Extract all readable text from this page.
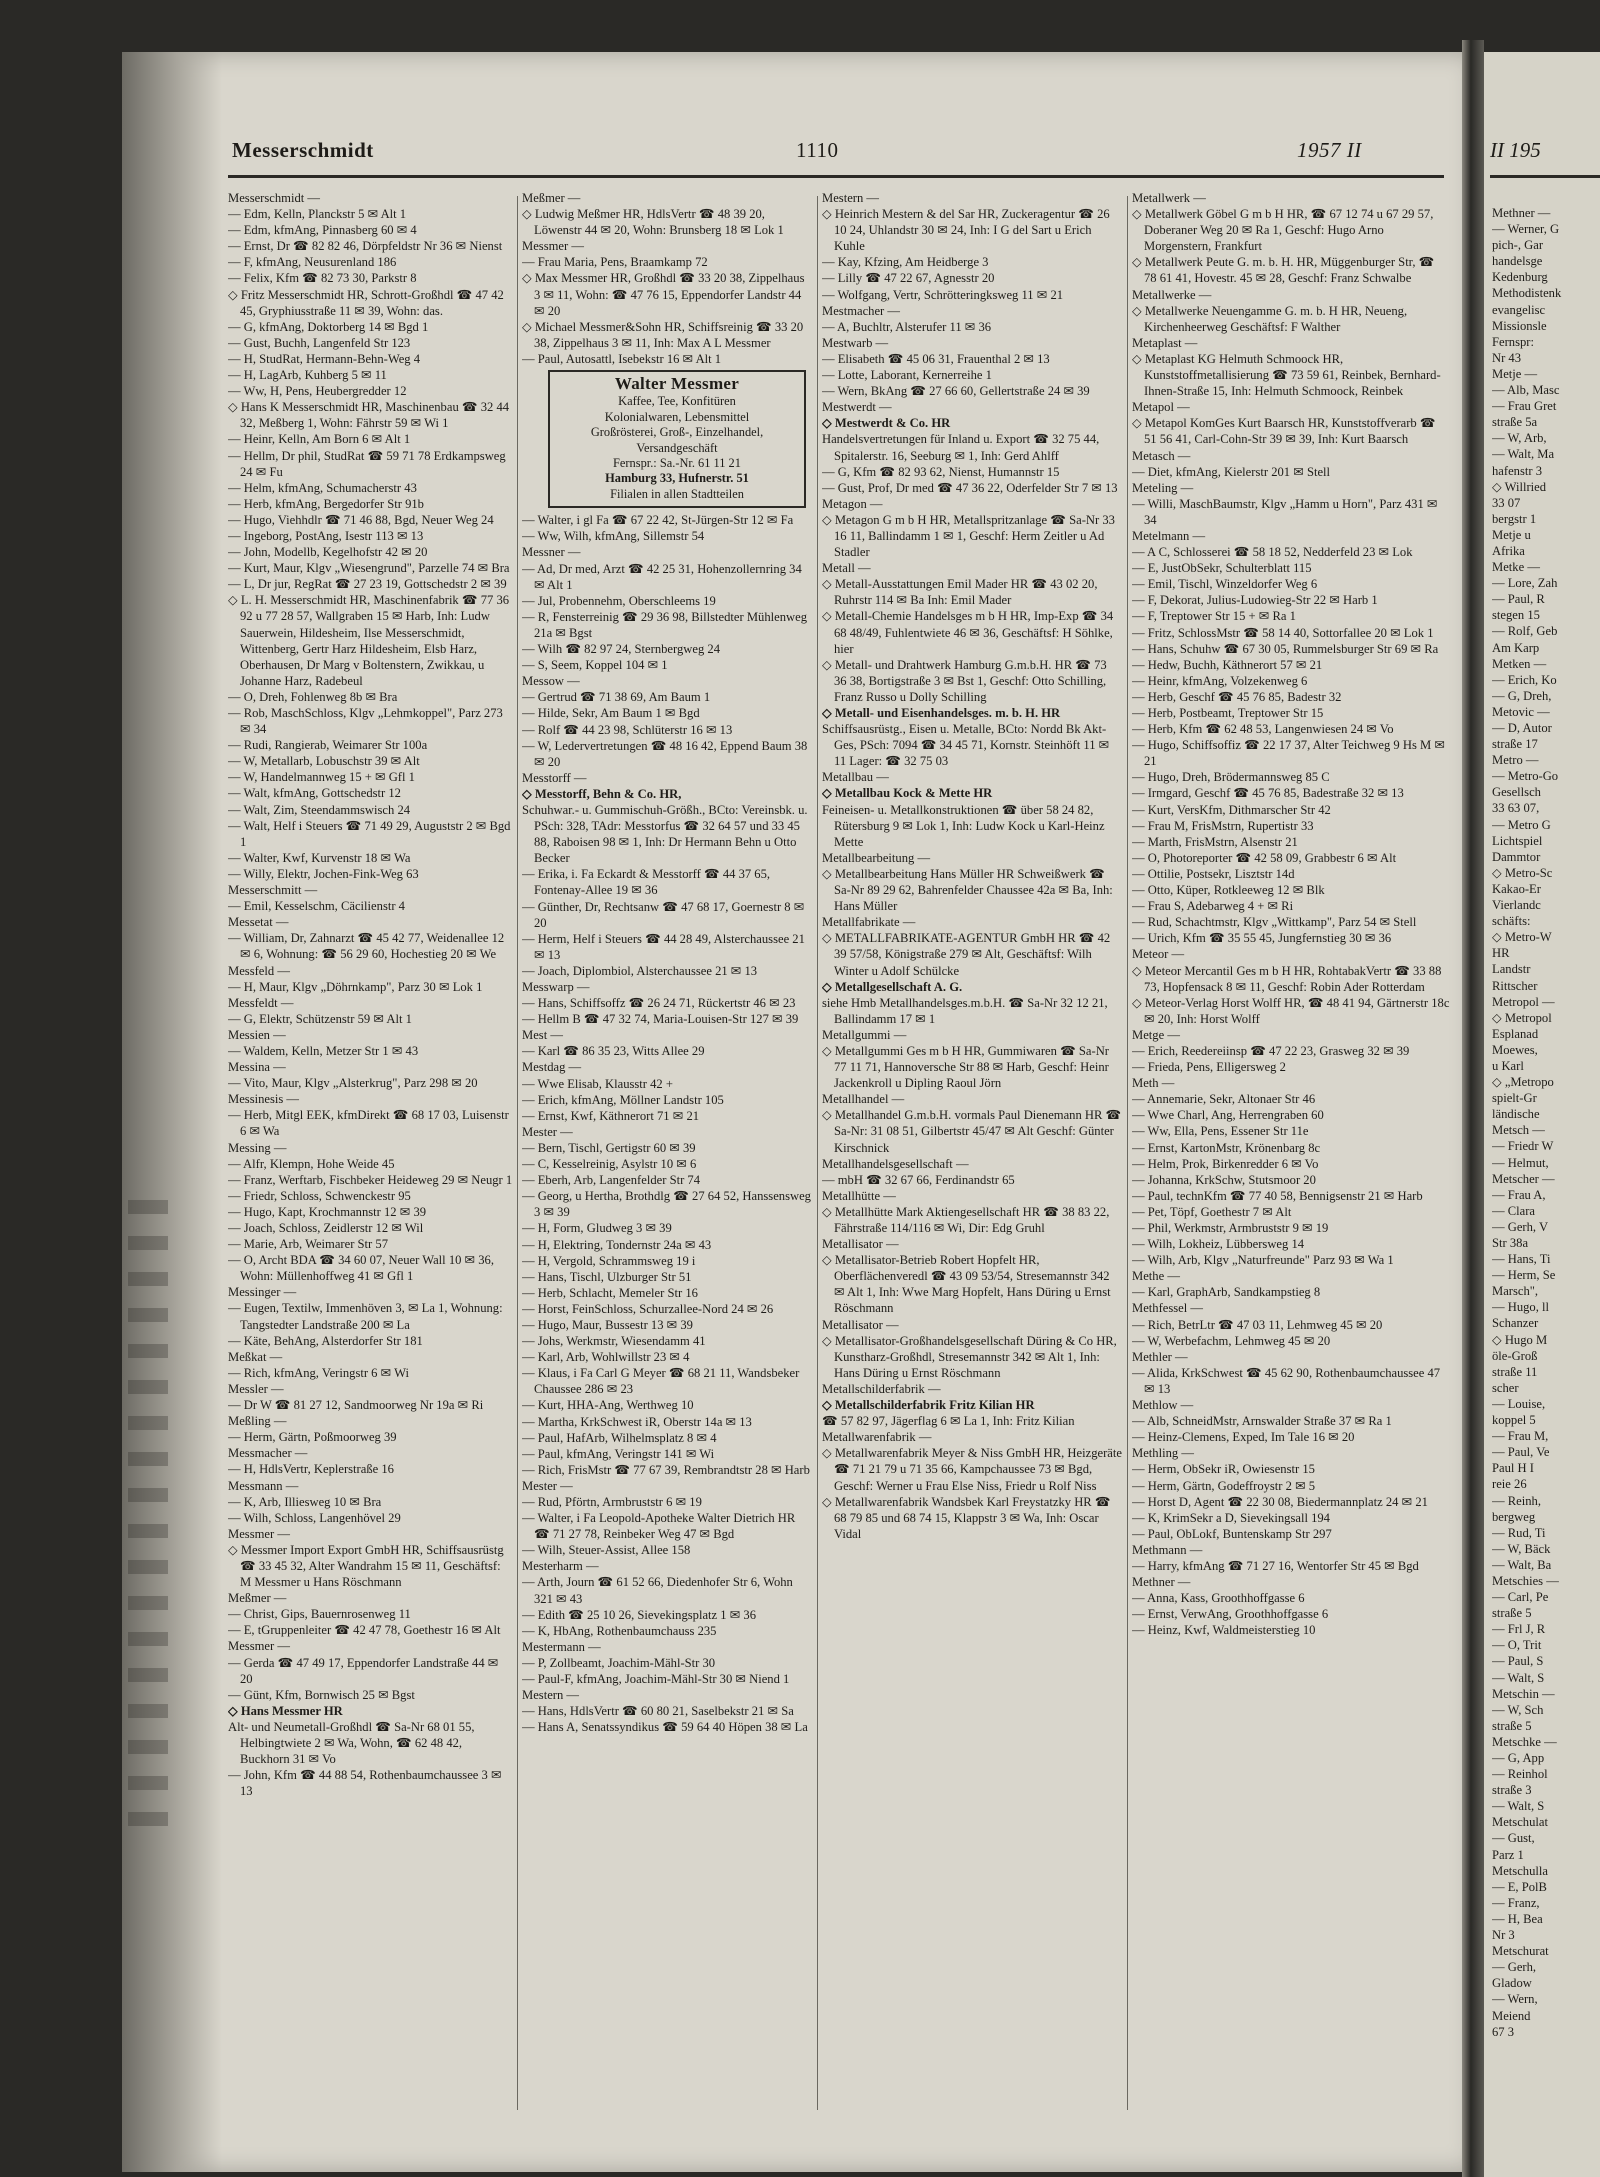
Messerschmidt	1110	1957 II

Messerschmidt —

— Edm, Kelln, Planckstr 5 ✉ Alt 1

— Edm, kfmAng, Pinnasberg 60 ✉ 4

— Ernst, Dr ☎ 82 82 46, Dörpfeldstr Nr 36 ✉ Nienst

— F, kfmAng, Neusurenland 186

— Felix, Kfm ☎ 82 73 30, Parkstr 8

◇ Fritz Messerschmidt HR, Schrott-Großhdl ☎ 47 42 45, Gryphiusstraße 11 ✉ 39, Wohn: das.

— G, kfmAng, Doktorberg 14 ✉ Bgd 1

— Gust, Buchh, Langenfeld Str 123

— H, StudRat, Hermann-Behn-Weg 4

— H, LagArb, Kuhberg 5 ✉ 11

— Ww, H, Pens, Heubergredder 12

◇ Hans K Messerschmidt HR, Maschinenbau ☎ 32 44 32, Meßberg 1, Wohn: Fährstr 59 ✉ Wi 1

— Heinr, Kelln, Am Born 6 ✉ Alt 1

— Hellm, Dr phil, StudRat ☎ 59 71 78 Erdkampsweg 24 ✉ Fu

— Helm, kfmAng, Schumacherstr 43

— Herb, kfmAng, Bergedorfer Str 91b

— Hugo, Viehhdlr ☎ 71 46 88, Bgd, Neuer Weg 24

— Ingeborg, PostAng, Isestr 113 ✉ 13

— John, Modellb, Kegelhofstr 42 ✉ 20

— Kurt, Maur, Klgv „Wiesengrund", Parzelle 74 ✉ Bra

— L, Dr jur, RegRat ☎ 27 23 19, Gottschedstr 2 ✉ 39

◇ L. H. Messerschmidt HR, Maschinenfabrik ☎ 77 36 92 u 77 28 57, Wallgraben 15 ✉ Harb, Inh: Ludw Sauerwein, Hildesheim, Ilse Messerschmidt, Wittenberg, Gertr Harz Hildesheim, Elsb Harz, Oberhausen, Dr Marg v Boltenstern, Zwikkau, u Johanne Harz, Radebeul

— O, Dreh, Fohlenweg 8b ✉ Bra

— Rob, MaschSchloss, Klgv „Lehmkoppel", Parz 273 ✉ 34

— Rudi, Rangierab, Weimarer Str 100a

— W, Metallarb, Lobuschstr 39 ✉ Alt

— W, Handelmannweg 15 + ✉ Gfl 1

— Walt, kfmAng, Gottschedstr 12

— Walt, Zim, Steendammswisch 24

— Walt, Helf i Steuers ☎ 71 49 29, Auguststr 2 ✉ Bgd 1

— Walter, Kwf, Kurvenstr 18 ✉ Wa

— Willy, Elektr, Jochen-Fink-Weg 63

Messerschmitt —

— Emil, Kesselschm, Cäcilienstr 4

Messetat —

— William, Dr, Zahnarzt ☎ 45 42 77, Weidenallee 12 ✉ 6, Wohnung: ☎ 56 29 60, Hochestieg 20 ✉ We

Messfeld —

— H, Maur, Klgv „Döhrnkamp", Parz 30 ✉ Lok 1

Messfeldt —

— G, Elektr, Schützenstr 59 ✉ Alt 1

Messien —

— Waldem, Kelln, Metzer Str 1 ✉ 43

Messina —

— Vito, Maur, Klgv „Alsterkrug", Parz 298 ✉ 20

Messinesis —

— Herb, Mitgl EEK, kfmDirekt ☎ 68 17 03, Luisenstr 6 ✉ Wa

Messing —

— Alfr, Klempn, Hohe Weide 45

— Franz, Werftarb, Fischbeker Heideweg 29 ✉ Neugr 1

— Friedr, Schloss, Schwenckestr 95

— Hugo, Kapt, Krochmannstr 12 ✉ 39

— Joach, Schloss, Zeidlerstr 12 ✉ Wil

— Marie, Arb, Weimarer Str 57

— O, Archt BDA ☎ 34 60 07, Neuer Wall 10 ✉ 36, Wohn: Müllenhoffweg 41 ✉ Gfl 1

Messinger —

— Eugen, Textilw, Immenhöven 3, ✉ La 1, Wohnung: Tangstedter Landstraße 200 ✉ La

— Käte, BehAng, Alsterdorfer Str 181

Meßkat —

— Rich, kfmAng, Veringstr 6 ✉ Wi

Messler —

— Dr W ☎ 81 27 12, Sandmoorweg Nr 19a ✉ Ri

Meßling —

— Herm, Gärtn, Poßmoorweg 39

Messmacher —

— H, HdlsVertr, Keplerstraße 16

Messmann —

— K, Arb, Illiesweg 10 ✉ Bra

— Wilh, Schloss, Langenhövel 29

Messmer —

◇ Messmer Import Export GmbH HR, Schiffsausrüstg ☎ 33 45 32, Alter Wandrahm 15 ✉ 11, Geschäftsf: M Messmer u Hans Röschmann

Meßmer —

— Christ, Gips, Bauernrosenweg 11

— E, tGruppenleiter ☎ 42 47 78, Goethestr 16 ✉ Alt

Messmer —

— Gerda ☎ 47 49 17, Eppendorfer Landstraße 44 ✉ 20

— Günt, Kfm, Bornwisch 25 ✉ Bgst

◇ Hans Messmer HR

Alt- und Neumetall-Großhdl ☎ Sa-Nr 68 01 55, Helbingtwiete 2 ✉ Wa, Wohn, ☎ 62 48 42, Buckhorn 31 ✉ Vo

— John, Kfm ☎ 44 88 54, Rothenbaumchaussee 3 ✉ 13

Meßmer —

◇ Ludwig Meßmer HR, HdlsVertr ☎ 48 39 20, Löwenstr 44 ✉ 20, Wohn: Brunsberg 18 ✉ Lok 1

Messmer —

— Frau Maria, Pens, Braamkamp 72

◇ Max Messmer HR, Großhdl ☎ 33 20 38, Zippelhaus 3 ✉ 11, Wohn: ☎ 47 76 15, Eppendorfer Landstr 44 ✉ 20

◇ Michael Messmer&Sohn HR, Schiffsreinig ☎ 33 20 38, Zippelhaus 3 ✉ 11, Inh: Max A L Messmer

— Paul, Autosattl, Isebekstr 16 ✉ Alt 1

Walter Messmer
Kaffee, Tee, Konfitüren
Kolonialwaren, Lebensmittel
Großrösterei, Groß-, Einzelhandel, Versandgeschäft
Fernspr.: Sa.-Nr. 61 11 21
Hamburg 33, Hufnerstr. 51
Filialen in allen Stadtteilen

— Walter, i gl Fa ☎ 67 22 42, St-Jürgen-Str 12 ✉ Fa

— Ww, Wilh, kfmAng, Sillemstr 54

Messner —

— Ad, Dr med, Arzt ☎ 42 25 31, Hohenzollernring 34 ✉ Alt 1

— Jul, Probennehm, Oberschleems 19

— R, Fensterreinig ☎ 29 36 98, Billstedter Mühlenweg 21a ✉ Bgst

— Wilh ☎ 82 97 24, Sternbergweg 24

— S, Seem, Koppel 104 ✉ 1

Messow —

— Gertrud ☎ 71 38 69, Am Baum 1

— Hilde, Sekr, Am Baum 1 ✉ Bgd

— Rolf ☎ 44 23 98, Schlüterstr 16 ✉ 13

— W, Ledervertretungen ☎ 48 16 42, Eppend Baum 38 ✉ 20

Messtorff —

◇ Messtorff, Behn & Co. HR,

Schuhwar.- u. Gummischuh-Größh., BCto: Vereinsbk. u. PSch: 328, TAdr: Messtorfus ☎ 32 64 57 und 33 45 88, Raboisen 98 ✉ 1, Inh: Dr Hermann Behn u Otto Becker

— Erika, i. Fa Eckardt & Messtorff ☎ 44 37 65, Fontenay-Allee 19 ✉ 36

— Günther, Dr, Rechtsanw ☎ 47 68 17, Goernestr 8 ✉ 20

— Herm, Helf i Steuers ☎ 44 28 49, Alsterchaussee 21 ✉ 13

— Joach, Diplombiol, Alsterchaussee 21 ✉ 13

Messwarp —

— Hans, Schiffsoffz ☎ 26 24 71, Rückertstr 46 ✉ 23

— Hellm B ☎ 47 32 74, Maria-Louisen-Str 127 ✉ 39

Mest —

— Karl ☎ 86 35 23, Witts Allee 29

Mestdag —

— Wwe Elisab, Klausstr 42 +

— Erich, kfmAng, Möllner Landstr 105

— Ernst, Kwf, Käthnerort 71 ✉ 21

Mester —

— Bern, Tischl, Gertigstr 60 ✉ 39

— C, Kesselreinig, Asylstr 10 ✉ 6

— Eberh, Arb, Langenfelder Str 74

— Georg, u Hertha, Brothdlg ☎ 27 64 52, Hanssensweg 3 ✉ 39

— H, Form, Gludweg 3 ✉ 39

— H, Elektring, Tondernstr 24a ✉ 43

— H, Vergold, Schrammsweg 19 i

— Hans, Tischl, Ulzburger Str 51

— Herb, Schlacht, Memeler Str 16

— Horst, FeinSchloss, Schurzalleе-Nord 24 ✉ 26

— Hugo, Maur, Bussestr 13 ✉ 39

— Johs, Werkmstr, Wiesendamm 41

— Karl, Arb, Wohlwillstr 23 ✉ 4

— Klaus, i Fa Carl G Meyer ☎ 68 21 11, Wandsbeker Chaussee 286 ✉ 23

— Kurt, HHA-Ang, Werthweg 10

— Martha, KrkSchwest iR, Oberstr 14a ✉ 13

— Paul, HafArb, Wilhelmsplatz 8 ✉ 4

— Paul, kfmAng, Veringstr 141 ✉ Wi

— Rich, FrisMstr ☎ 77 67 39, Rembrandtstr 28 ✉ Harb

Mester —

— Rud, Pförtn, Armbruststr 6 ✉ 19

— Walter, i Fa Leopold-Apotheke Walter Dietrich HR ☎ 71 27 78, Reinbeker Weg 47 ✉ Bgd

— Wilh, Steuer-Assist, Allee 158

Mesterharm —

— Arth, Journ ☎ 61 52 66, Diedenhofer Str 6, Wohn 321 ✉ 43

— Edith ☎ 25 10 26, Sievekingsplatz 1 ✉ 36

— K, HbAng, Rothenbaumchauss 235

Mestermann —

— P, Zollbeamt, Joachim-Mähl-Str 30

— Paul-F, kfmAng, Joachim-Mähl-Str 30 ✉ Niend 1

Mestern —

— Hans, HdlsVertr ☎ 60 80 21, Saselbekstr 21 ✉ Sa

— Hans A, Senatssyndikus ☎ 59 64 40 Höpen 38 ✉ La

Mestern —

◇ Heinrich Mestern & del Sar HR, Zuckeragentur ☎ 26 10 24, Uhlandstr 30 ✉ 24, Inh: I G del Sart u Erich Kuhle

— Kay, Kfzing, Am Heidberge 3

— Lilly ☎ 47 22 67, Agnesstr 20

— Wolfgang, Vertr, Schrötteringksweg 11 ✉ 21

Mestmacher —

— A, Buchltr, Alsterufer 11 ✉ 36

Mestwarb —

— Elisabeth ☎ 45 06 31, Frauenthal 2 ✉ 13

— Lotte, Laborant, Kernerreihe 1

— Wern, BkAng ☎ 27 66 60, Gellertstraße 24 ✉ 39

Mestwerdt —

◇ Mestwerdt & Co. HR

Handelsvertretungen für Inland u. Export ☎ 32 75 44, Spitalerstr. 16, Seeburg ✉ 1, Inh: Gerd Ahlff

— G, Kfm ☎ 82 93 62, Nienst, Humannstr 15

— Gust, Prof, Dr med ☎ 47 36 22, Oderfelder Str 7 ✉ 13

Metagon —

◇ Metagon G m b H HR, Metallspritzanlage ☎ Sa-Nr 33 16 11, Ballindamm 1 ✉ 1, Geschf: Herm Zeitler u Ad Stadler

Metall —

◇ Metall-Ausstattungen Emil Mader HR ☎ 43 02 20, Ruhrstr 114 ✉ Ba Inh: Emil Mader

◇ Metall-Chemie Handelsges m b H HR, Imp-Exp ☎ 34 68 48/49, Fuhlentwiete 46 ✉ 36, Geschäftsf: H Söhlke, hier

◇ Metall- und Drahtwerk Hamburg G.m.b.H. HR ☎ 73 36 38, Bortigstraße 3 ✉ Bst 1, Geschf: Otto Schilling, Franz Russo u Dolly Schilling

◇ Metall- und Eisenhandelsges. m. b. H. HR

Schiffsausrüstg., Eisen u. Metalle, BCto: Nordd Bk Akt-Ges, PSch: 7094 ☎ 34 45 71, Kornstr. Steinhöft 11 ✉ 11 Lager: ☎ 32 75 03

Metallbau —

◇ Metallbau Kock & Mette HR

Feineisen- u. Metallkonstruktionen ☎ über 58 24 82, Rütersburg 9 ✉ Lok 1, Inh: Ludw Kock u Karl-Heinz Mette

Metallbearbeitung —

◇ Metallbearbeitung Hans Müller HR Schweißwerk ☎ Sa-Nr 89 29 62, Bahrenfelder Chaussee 42a ✉ Ba, Inh: Hans Müller

Metallfabrikate —

◇ METALLFABRIKATE-AGENTUR GmbH HR ☎ 42 39 57/58, Königstraße 279 ✉ Alt, Geschäftsf: Wilh Winter u Adolf Schülcke

◇ Metallgesellschaft A. G.

siehe Hmb Metallhandelsges.m.b.H. ☎ Sa-Nr 32 12 21, Ballindamm 17 ✉ 1

Metallgummi —

◇ Metallgummi Ges m b H HR, Gummiwaren ☎ Sa-Nr 77 11 71, Hannoversche Str 88 ✉ Harb, Geschf: Heinr Jackenkroll u Dipling Raoul Jörn

Metallhandel —

◇ Metallhandel G.m.b.H. vormals Paul Dienemann HR ☎ Sa-Nr: 31 08 51, Gilbertstr 45/47 ✉ Alt Geschf: Günter Kirschnick

Metallhandelsgesellschaft —

— mbH ☎ 32 67 66, Ferdinandstr 65

Metallhütte —

◇ Metallhütte Mark Aktiengesellschaft HR ☎ 38 83 22, Fährstraße 114/116 ✉ Wi, Dir: Edg Gruhl

Metallisator —

◇ Metallisator-Betrieb Robert Hopfelt HR, Oberflächenveredl ☎ 43 09 53/54, Stresemannstr 342 ✉ Alt 1, Inh: Wwe Marg Hopfelt, Hans Düring u Ernst Röschmann

Metallisator —

◇ Metallisator-Großhandelsgesellschaft Düring & Co HR, Kunstharz-Großhdl, Stresemannstr 342 ✉ Alt 1, Inh: Hans Düring u Ernst Röschmann

Metallschilderfabrik —

◇ Metallschilderfabrik Fritz Kilian HR

☎ 57 82 97, Jägerflag 6 ✉ La 1, Inh: Fritz Kilian

Metallwarenfabrik —

◇ Metallwarenfabrik Meyer & Niss GmbH HR, Heizgeräte ☎ 71 21 79 u 71 35 66, Kampchaussee 73 ✉ Bgd, Geschf: Werner u Frau Else Niss, Friedr u Rolf Niss

◇ Metallwarenfabrik Wandsbek Karl Freystatzky HR ☎ 68 79 85 und 68 74 15, Klappstr 3 ✉ Wa, Inh: Oscar Vidal

Metallwerk —

◇ Metallwerk Göbel G m b H HR, ☎ 67 12 74 u 67 29 57, Doberaner Weg 20 ✉ Ra 1, Geschf: Hugo Arno Morgenstern, Frankfurt

◇ Metallwerk Peute G. m. b. H. HR, Müggenburger Str, ☎ 78 61 41, Hovestr. 45 ✉ 28, Geschf: Franz Schwalbe

Metallwerke —

◇ Metallwerke Neuengamme G. m. b. H HR, Neueng, Kirchenheerweg Geschäftsf: F Walther

Metaplast —

◇ Metaplast KG Helmuth Schmoock HR, Kunststoffmetallisierung ☎ 73 59 61, Reinbek, Bernhard-Ihnen-Straße 15, Inh: Helmuth Schmoock, Reinbek

Metapol —

◇ Metapol KomGes Kurt Baarsch HR, Kunststoffverarb ☎ 51 56 41, Carl-Cohn-Str 39 ✉ 39, Inh: Kurt Baarsch

Metasch —

— Diet, kfmAng, Kielerstr 201 ✉ Stell

Meteling —

— Willi, MaschBaumstr, Klgv „Hamm u Horn", Parz 431 ✉ 34

Metelmann —

— A C, Schlosserei ☎ 58 18 52, Nedderfeld 23 ✉ Lok

— E, JustObSekr, Schulterblatt 115

— Emil, Tischl, Winzeldorfer Weg 6

— F, Dekorat, Julius-Ludowieg-Str 22 ✉ Harb 1

— F, Treptower Str 15 + ✉ Ra 1

— Fritz, SchlossMstr ☎ 58 14 40, Sottorfallee 20 ✉ Lok 1

— Hans, Schuhw ☎ 67 30 05, Rummelsburger Str 69 ✉ Ra

— Hedw, Buchh, Käthnerort 57 ✉ 21

— Heinr, kfmAng, Volzekenweg 6

— Herb, Geschf ☎ 45 76 85, Badestr 32

— Herb, Postbeamt, Treptower Str 15

— Herb, Kfm ☎ 62 48 53, Langenwiesen 24 ✉ Vo

— Hugo, Schiffsoffiz ☎ 22 17 37, Alter Teichweg 9 Hs M ✉ 21

— Hugo, Dreh, Brödermannsweg 85 C

— Irmgard, Geschf ☎ 45 76 85, Badestraße 32 ✉ 13

— Kurt, VersKfm, Dithmarscher Str 42

— Frau M, FrisMstrn, Rupertistr 33

— Marth, FrisMstrn, Alsenstr 21

— O, Photoreporter ☎ 42 58 09, Grabbestr 6 ✉ Alt

— Ottilie, Postsekr, Lisztstr 14d

— Otto, Küper, Rotkleeweg 12 ✉ Blk

— Frau S, Adebarweg 4 + ✉ Ri

— Rud, Schachtmstr, Klgv „Wittkamp", Parz 54 ✉ Stell

— Urich, Kfm ☎ 35 55 45, Jungfernstieg 30 ✉ 36

Meteor —

◇ Meteor Mercantil Ges m b H HR, RohtabakVertr ☎ 33 88 73, Hopfensack 8 ✉ 11, Geschf: Robin Ader Rotterdam

◇ Meteor-Verlag Horst Wolff HR, ☎ 48 41 94, Gärtnerstr 18c ✉ 20, Inh: Horst Wolff

Metge —

— Erich, Reedereiinsp ☎ 47 22 23, Grasweg 32 ✉ 39

— Frieda, Pens, Elligersweg 2

Meth —

— Annemarie, Sekr, Altonaer Str 46

— Wwe Charl, Ang, Herrengraben 60

— Ww, Ella, Pens, Essener Str 11e

— Ernst, KartonMstr, Krönenbarg 8c

— Helm, Prok, Birkenredder 6 ✉ Vo

— Johanna, KrkSchw, Stutsmoor 20

— Paul, technKfm ☎ 77 40 58, Bennigsenstr 21 ✉ Harb

— Pet, Töpf, Goethestr 7 ✉ Alt

— Phil, Werkmstr, Armbruststr 9 ✉ 19

— Wilh, Lokheiz, Lübbersweg 14

— Wilh, Arb, Klgv „Naturfreunde" Parz 93 ✉ Wa 1

Methe —

— Karl, GraphArb, Sandkampstieg 8

Methfessel —

— Rich, BetrLtr ☎ 47 03 11, Lehmweg 45 ✉ 20

— W, Werbefachm, Lehmweg 45 ✉ 20

Methler —

— Alida, KrkSchwest ☎ 45 62 90, Rothenbaumchaussee 47 ✉ 13

Methlow —

— Alb, SchneidMstr, Arnswalder Straße 37 ✉ Ra 1

— Heinz-Clemens, Exped, Im Tale 16 ✉ 20

Methling —

— Herm, ObSekr iR, Owiesenstr 15

— Herm, Gärtn, Godeffroystr 2 ✉ 5

— Horst D, Agent ☎ 22 30 08, Biedermannplatz 24 ✉ 21

— K, KrimSekr a D, Sievekingsall 194

— Paul, ObLokf, Buntenskamp Str 297

Methmann —

— Harry, kfmAng ☎ 71 27 16, Wentorfer Str 45 ✉ Bgd

Methner —

— Anna, Kass, Groothhoffgasse 6

— Ernst, VerwAng, Groothhoffgasse 6

— Heinz, Kwf, Waldmeisterstieg 10

II 195

Methner —

— Werner, G

pich-, Gar

handelsge

Kedenburg

Methodistenk

evangelisc

Missionsle

Fernspr:

Nr 43

Metje —

— Alb, Masc

— Frau Gret

straße 5a

— W, Arb,

— Walt, Ma

hafenstr 3

◇ Willried

33 07

bergstr 1

Metje u

Afrika

Metke —

— Lore, Zah

— Paul, R

stegen 15

— Rolf, Geb

Am Karp

Metken —

— Erich, Ko

— G, Dreh,

Metovic —

— D, Autor

straße 17

Metro —

— Metro-Go

Gesellsch

33 63 07,

— Metro G

Lichtspiel

Dammtor

◇ Metro-Sc

Kakao-Er

Vierlandc

schäfts:

◇ Metro-W

HR

Landstr

Rittscher

Metropol —

◇ Metropol

Esplanad

Moewes,

u Karl

◇ „Metropo

spielt-Gr

ländische

Metsch —

— Friedr W

— Helmut,

Metscher —

— Frau A,

— Clara

— Gerh, V

Str 38a

— Hans, Ti

— Herm, Se

Marsch",

— Hugo, ll

Schanzer

◇ Hugo M

öle-Groß

straße 11

scher

— Louise,

koppel 5

— Frau M,

— Paul, Ve

Paul H I

reie 26

— Reinh,

bergweg

— Rud, Ti

— W, Bäck

— Walt, Ba

Metschies —

— Carl, Pe

straße 5

— Frl J, R

— O, Trit

— Paul, S

— Walt, S

Metschin —

— W, Sch

straße 5

Metschke —

— G, App

— Reinhol

straße 3

— Walt, S

Metschulat

— Gust,

Parz 1

Metschulla

— E, PolB

— Franz,

— H, Bea

Nr 3

Metschurat

— Gerh,

Gladow

— Wern,

Meiend

67 3
